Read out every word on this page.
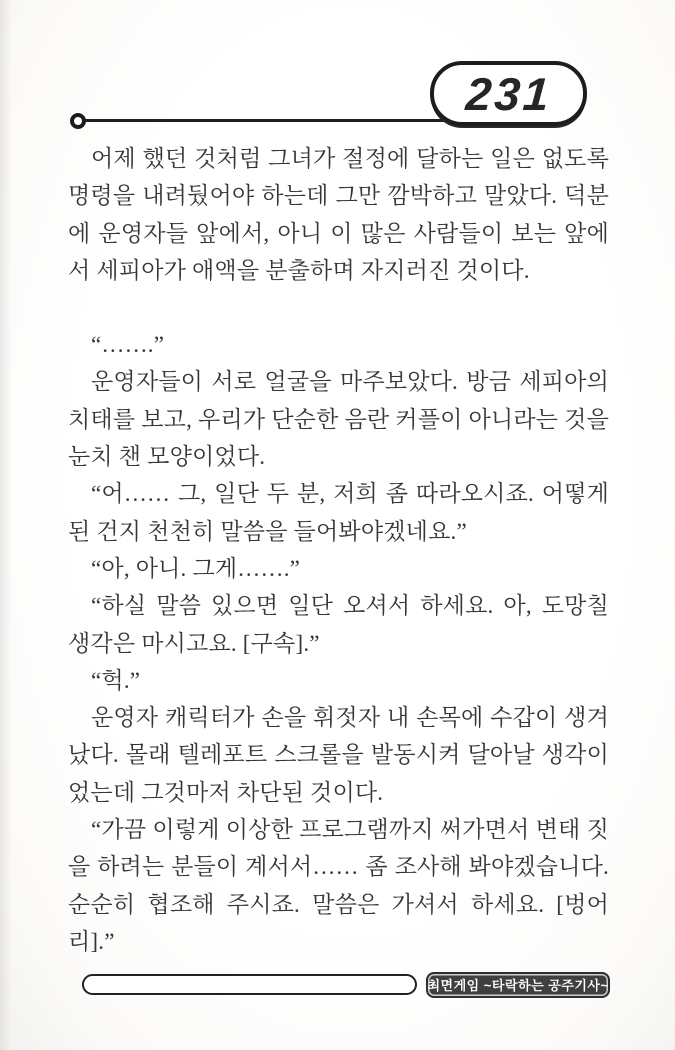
231

어제 했던 것처럼 그녀가 절정에 달하는 일은 없도록 명령을 내려뒀어야 하는데 그만 깜박하고 말았다. 덕분에 운영자들 앞에서, 아니 이 많은 사람들이 보는 앞에서 세피아가 애액을 분출하며 자지러진 것이다.

“…….”

운영자들이 서로 얼굴을 마주보았다. 방금 세피아의 치태를 보고, 우리가 단순한 음란 커플이 아니라는 것을 눈치 챈 모양이었다.

“어…… 그, 일단 두 분, 저희 좀 따라오시죠. 어떻게 된 건지 천천히 말씀을 들어봐야겠네요.”

“아, 아니. 그게…….”

“하실 말씀 있으면 일단 오셔서 하세요. 아, 도망칠 생각은 마시고요. [구속].”

“헉.”

운영자 캐릭터가 손을 휘젓자 내 손목에 수갑이 생겨났다. 몰래 텔레포트 스크롤을 발동시켜 달아날 생각이었는데 그것마저 차단된 것이다.

“가끔 이렇게 이상한 프로그램까지 써가면서 변태 짓을 하려는 분들이 계서서…… 좀 조사해 봐야겠습니다. 순순히 협조해 주시죠. 말씀은 가셔서 하세요. [벙어리].”

최면게임 ~타락하는 공주기사~
